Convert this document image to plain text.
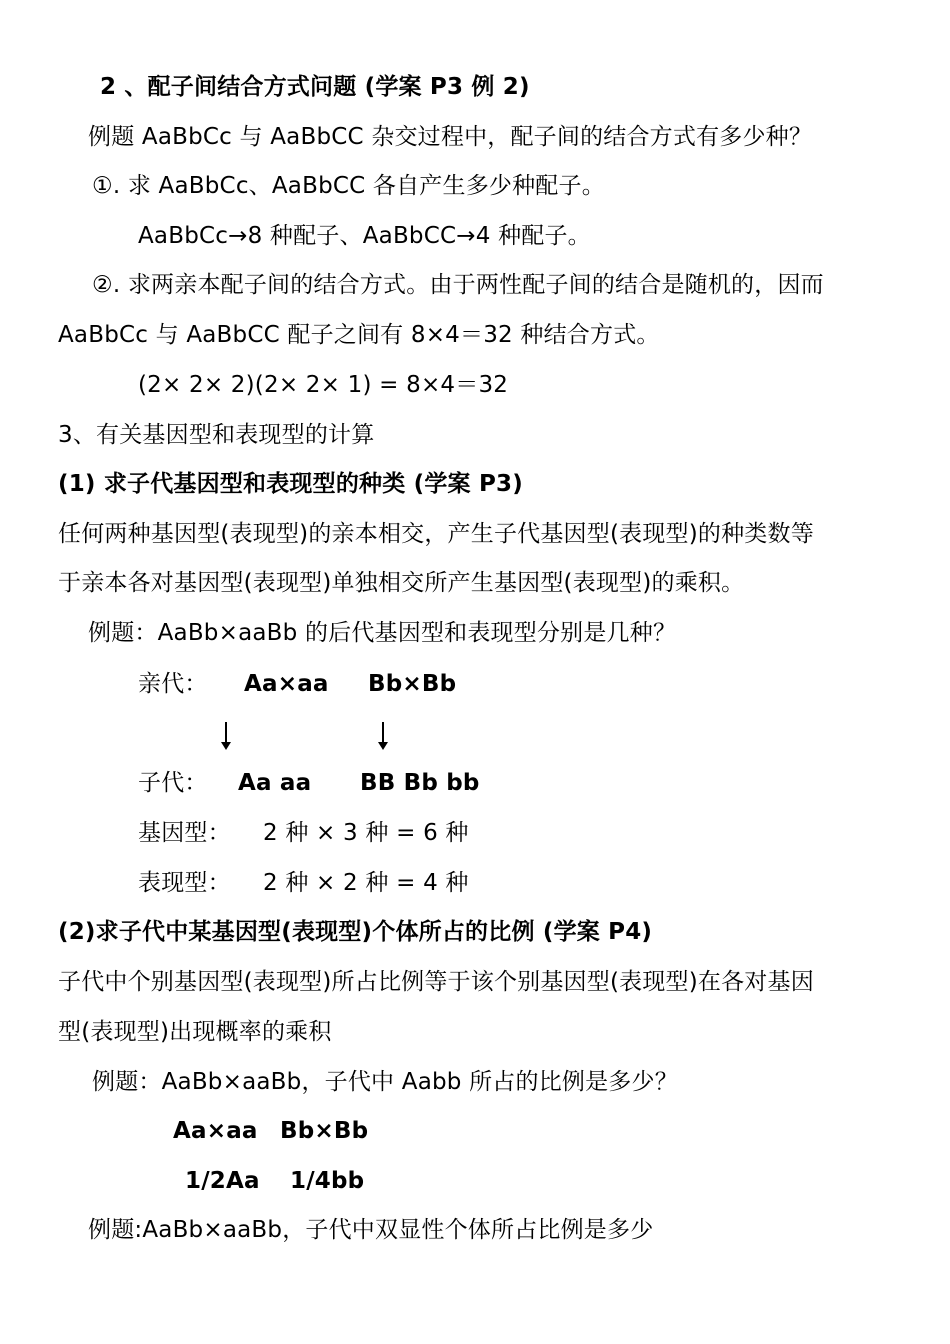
2 、配子间结合方式问题 (学案 P3 例 2)
例题 AaBbCc 与 AaBbCC 杂交过程中，配子间的结合方式有多少种？
①. 求 AaBbCc、AaBbCC 各自产生多少种配子。
AaBbCc→8 种配子、AaBbCC→4 种配子。
②. 求两亲本配子间的结合方式。由于两性配子间的结合是随机的，因而
AaBbCc 与 AaBbCC 配子之间有 8×4＝32 种结合方式。
(2× 2× 2)(2× 2× 1) = 8×4＝32
3、有关基因型和表现型的计算
(1) 求子代基因型和表现型的种类 (学案 P3)
任何两种基因型(表现型)的亲本相交，产生子代基因型(表现型)的种类数等
于亲本各对基因型(表现型)单独相交所产生基因型(表现型)的乘积。
例题：AaBb×aaBb 的后代基因型和表现型分别是几种？
亲代： Aa×aa Bb×Bb
子代： Aa aa BB Bb bb
基因型： 2 种 × 3 种 = 6 种
表现型： 2 种 × 2 种 = 4 种
(2)求子代中某基因型(表现型)个体所占的比例 (学案 P4)
子代中个别基因型(表现型)所占比例等于该个别基因型(表现型)在各对基因
型(表现型)出现概率的乘积
例题：AaBb×aaBb，子代中 Aabb 所占的比例是多少？
Aa×aa Bb×Bb
1/2Aa 1/4bb
例题:AaBb×aaBb，子代中双显性个体所占比例是多少
